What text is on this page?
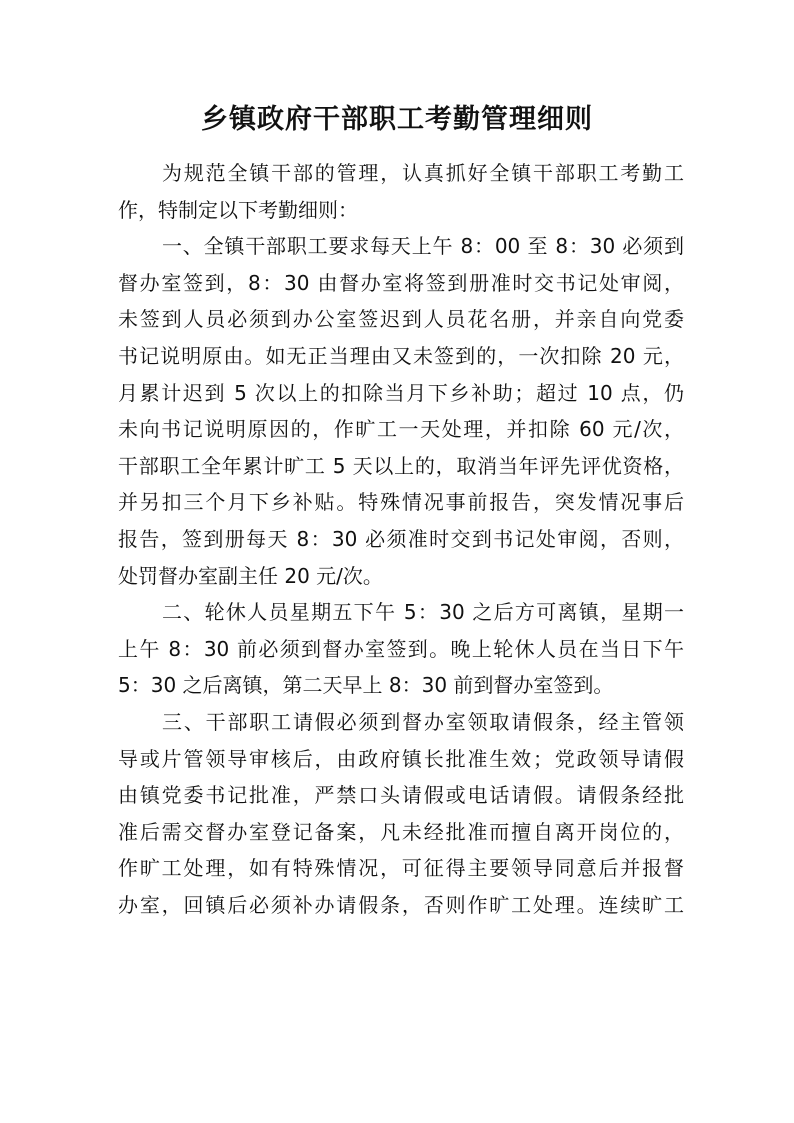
乡镇政府干部职工考勤管理细则
为规范全镇干部的管理，认真抓好全镇干部职工考勤工
作，特制定以下考勤细则：
一、全镇干部职工要求每天上午 8：00 至 8：30 必须到
督办室签到，8：30 由督办室将签到册准时交书记处审阅，
未签到人员必须到办公室签迟到人员花名册，并亲自向党委
书记说明原由。如无正当理由又未签到的，一次扣除 20 元，
月累计迟到 5 次以上的扣除当月下乡补助；超过 10 点，仍
未向书记说明原因的，作旷工一天处理，并扣除 60 元/次，
干部职工全年累计旷工 5 天以上的，取消当年评先评优资格，
并另扣三个月下乡补贴。特殊情况事前报告，突发情况事后
报告，签到册每天 8：30 必须准时交到书记处审阅，否则，
处罚督办室副主任 20 元/次。
二、轮休人员星期五下午 5：30 之后方可离镇，星期一
上午 8：30 前必须到督办室签到。晚上轮休人员在当日下午
5：30 之后离镇，第二天早上 8：30 前到督办室签到。
三、干部职工请假必须到督办室领取请假条，经主管领
导或片管领导审核后，由政府镇长批准生效；党政领导请假
由镇党委书记批准，严禁口头请假或电话请假。请假条经批
准后需交督办室登记备案，凡未经批准而擅自离开岗位的，
作旷工处理，如有特殊情况，可征得主要领导同意后并报督
办室，回镇后必须补办请假条，否则作旷工处理。连续旷工
